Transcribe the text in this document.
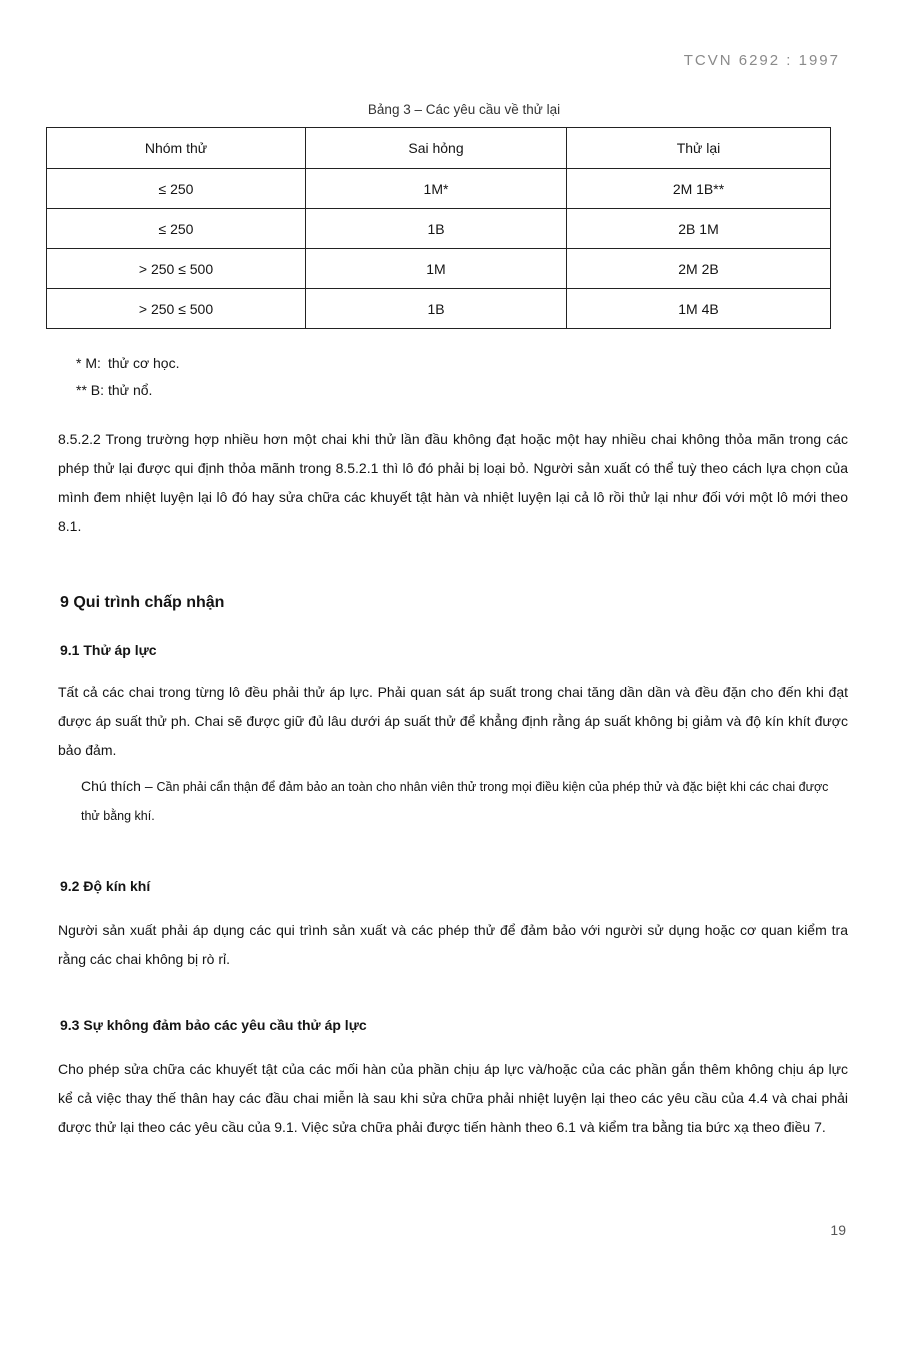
TCVN 6292 : 1997
Bảng 3 – Các yêu cầu về thử lại
Nhóm thử	Sai hỏng	Thử lại
≤ 250	1M*	2M 1B**
≤ 250	1B	2B 1M
> 250 ≤ 500	1M	2M 2B
> 250 ≤ 500	1B	1M 4B
* M: thử cơ học.
** B: thử nổ.
8.5.2.2 Trong trường hợp nhiều hơn một chai khi thử lần đầu không đạt hoặc một hay nhiều chai không thỏa mãn trong các phép thử lại được qui định thỏa mãnh trong 8.5.2.1 thì lô đó phải bị loại bỏ. Người sản xuất có thể tuỳ theo cách lựa chọn của mình đem nhiệt luyện lại lô đó hay sửa chữa các khuyết tật hàn và nhiệt luyện lại cả lô rồi thử lại như đối với một lô mới theo 8.1.
9 Qui trình chấp nhận
9.1 Thử áp lực
Tất cả các chai trong từng lô đều phải thử áp lực. Phải quan sát áp suất trong chai tăng dần dần và đều đặn cho đến khi đạt được áp suất thử ph. Chai sẽ được giữ đủ lâu dưới áp suất thử để khẳng định rằng áp suất không bị giảm và độ kín khít được bảo đảm.
Chú thích – Cần phải cẩn thận để đảm bảo an toàn cho nhân viên thử trong mọi điều kiện của phép thử và đặc biệt khi các chai được thử bằng khí.
9.2 Độ kín khí
Người sản xuất phải áp dụng các qui trình sản xuất và các phép thử để đảm bảo với người sử dụng hoặc cơ quan kiểm tra rằng các chai không bị rò rỉ.
9.3 Sự không đảm bảo các yêu cầu thử áp lực
Cho phép sửa chữa các khuyết tật của các mối hàn của phần chịu áp lực và/hoặc của các phần gắn thêm không chịu áp lực kể cả việc thay thế thân hay các đầu chai miễn là sau khi sửa chữa phải nhiệt luyện lại theo các yêu cầu của 4.4 và chai phải được thử lại theo các yêu cầu của 9.1. Việc sửa chữa phải được tiến hành theo 6.1 và kiểm tra bằng tia bức xạ theo điều 7.
19
